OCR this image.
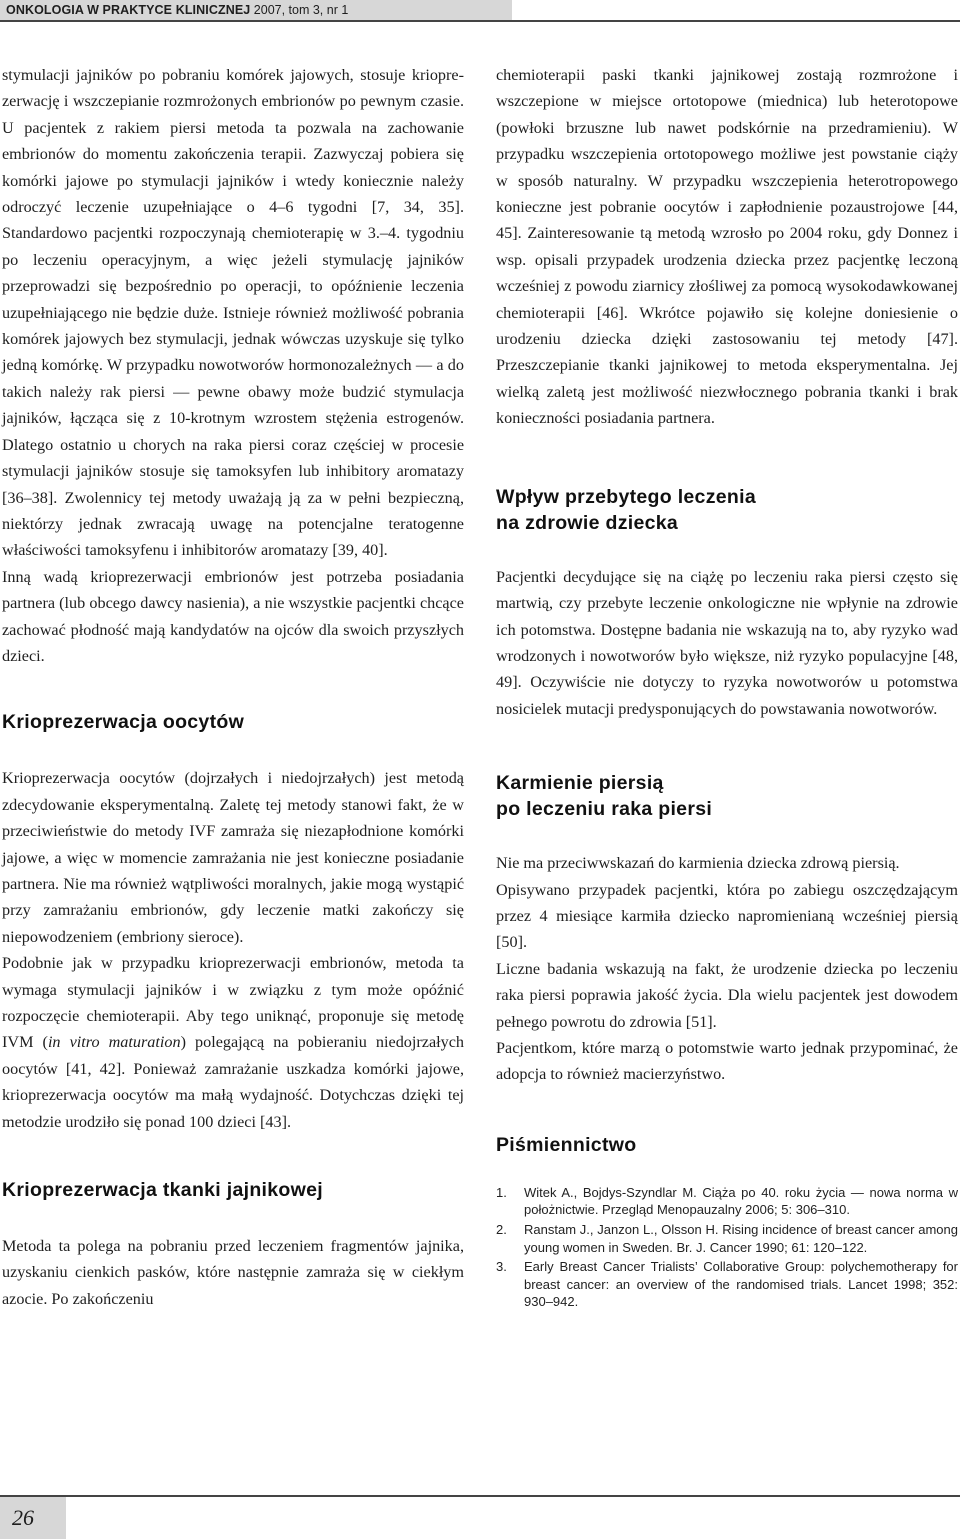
ONKOLOGIA W PRAKTYCE KLINICZNEJ 2007, tom 3, nr 1

stymulacji jajników po pobraniu komórek jajowych, stosuje krioprezerwację i wszczepianie rozmrożonych embrionów po pewnym czasie. U pacjentek z rakiem piersi metoda ta pozwala na zachowanie embrionów do momentu zakończenia terapii. Zazwyczaj pobiera się komórki jajowe po stymulacji jajników i wtedy koniecznie należy odroczyć leczenie uzupełniające o 4–6 tygodni [7, 34, 35]. Standardowo pacjentki rozpoczynają chemioterapię w 3.–4. tygodniu po leczeniu operacyjnym, a więc jeżeli stymulację jajników przeprowadzi się bezpośrednio po operacji, to opóźnienie leczenia uzupełniającego nie będzie duże. Istnieje również możliwość pobrania komórek jajowych bez stymulacji, jednak wówczas uzyskuje się tylko jedną komórkę. W przypadku nowotworów hormonozależnych — a do takich należy rak piersi — pewne obawy może budzić stymulacja jajników, łącząca się z 10-krotnym wzrostem stężenia estrogenów. Dlatego ostatnio u chorych na raka piersi coraz częściej w procesie stymulacji jajników stosuje się tamoksyfen lub inhibitory aromatazy [36–38]. Zwolennicy tej metody uważają ją za w pełni bezpieczną, niektórzy jednak zwracają uwagę na potencjalne teratogenne właściwości tamoksyfenu i inhibitorów aromatazy [39, 40].

Inną wadą krioprezerwacji embrionów jest potrzeba posiadania partnera (lub obcego dawcy nasienia), a nie wszystkie pacjentki chcące zachować płodność mają kandydatów na ojców dla swoich przyszłych dzieci.

Krioprezerwacja oocytów

Krioprezerwacja oocytów (dojrzałych i niedojrzałych) jest metodą zdecydowanie eksperymentalną. Zaletę tej metody stanowi fakt, że w przeciwieństwie do metody IVF zamraża się niezapłodnione komórki jajowe, a więc w momencie zamrażania nie jest konieczne posiadanie partnera. Nie ma również wątpliwości moralnych, jakie mogą wystąpić przy zamrażaniu embrionów, gdy leczenie matki zakończy się niepowodzeniem (embriony sieroce).

Podobnie jak w przypadku krioprezerwacji embrionów, metoda ta wymaga stymulacji jajników i w związku z tym może opóźnić rozpoczęcie chemioterapii. Aby tego uniknąć, proponuje się metodę IVM (in vitro maturation) polegającą na pobieraniu niedojrzałych oocytów [41, 42]. Ponieważ zamrażanie uszkadza komórki jajowe, krioprezerwacja oocytów ma małą wydajność. Dotychczas dzięki tej metodzie urodziło się ponad 100 dzieci [43].

Krioprezerwacja tkanki jajnikowej

Metoda ta polega na pobraniu przed leczeniem fragmentów jajnika, uzyskaniu cienkich pasków, które następnie zamraża się w ciekłym azocie. Po zakończeniu

chemioterapii paski tkanki jajnikowej zostają rozmrożone i wszczepione w miejsce ortotopowe (miednica) lub heterotopowe (powłoki brzuszne lub nawet podskórnie na przedramieniu). W przypadku wszczepienia ortotopowego możliwe jest powstanie ciąży w sposób naturalny. W przypadku wszczepienia heterotropowego konieczne jest pobranie oocytów i zapłodnienie pozaustrojowe [44, 45]. Zainteresowanie tą metodą wzrosło po 2004 roku, gdy Donnez i wsp. opisali przypadek urodzenia dziecka przez pacjentkę leczoną wcześniej z powodu ziarnicy złośliwej za pomocą wysokodawkowanej chemioterapii [46]. Wkrótce pojawiło się kolejne doniesienie o urodzeniu dziecka dzięki zastosowaniu tej metody [47]. Przeszczepianie tkanki jajnikowej to metoda eksperymentalna. Jej wielką zaletą jest możliwość niezwłocznego pobrania tkanki i brak konieczności posiadania partnera.

Wpływ przebytego leczenia
na zdrowie dziecka

Pacjentki decydujące się na ciążę po leczeniu raka piersi często się martwią, czy przebyte leczenie onkologiczne nie wpłynie na zdrowie ich potomstwa. Dostępne badania nie wskazują na to, aby ryzyko wad wrodzonych i nowotworów było większe, niż ryzyko populacyjne [48, 49]. Oczywiście nie dotyczy to ryzyka nowotworów u potomstwa nosicielek mutacji predysponujących do powstawania nowotworów.

Karmienie piersią
po leczeniu raka piersi

Nie ma przeciwwskazań do karmienia dziecka zdrową piersią.

Opisywano przypadek pacjentki, która po zabiegu oszczędzającym przez 4 miesiące karmiła dziecko napromienianą wcześniej piersią [50].

Liczne badania wskazują na fakt, że urodzenie dziecka po leczeniu raka piersi poprawia jakość życia. Dla wielu pacjentek jest dowodem pełnego powrotu do zdrowia [51].

Pacjentkom, które marzą o potomstwie warto jednak przypominać, że adopcja to również macierzyństwo.

Piśmiennictwo
1.	Witek A., Bojdys-Szyndlar M. Ciąża po 40. roku życia — nowa norma w położnictwie. Przegląd Menopauzalny 2006; 5: 306–310.
2.	Ranstam J., Janzon L., Olsson H. Rising incidence of breast cancer among young women in Sweden. Br. J. Cancer 1990; 61: 120–122.
3.	Early Breast Cancer Trialists’ Collaborative Group: polychemotherapy for breast cancer: an overview of the randomised trials. Lancet 1998; 352: 930–942.
26
